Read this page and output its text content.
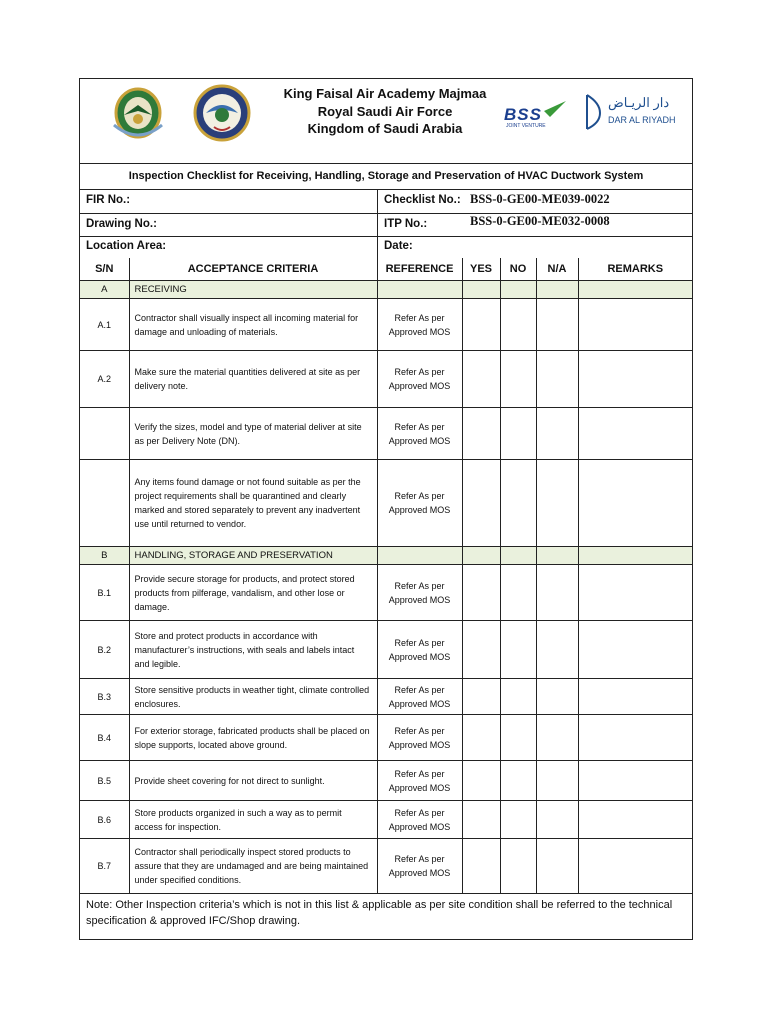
King Faisal Air Academy Majmaa
Royal Saudi Air Force
Kingdom of Saudi Arabia
BSS
JOINT VENTURE
دار الريـاض
DAR AL RIYADH
Inspection Checklist for Receiving, Handling, Storage and Preservation of HVAC Ductwork System
FIR No.:	Checklist No.: BSS-0-GE00-ME039-0022
Drawing No.:	ITP No.:	BSS-0-GE00-ME032-0008
Location Area:	Date:
S/N	ACCEPTANCE CRITERIA	REFERENCE	YES	NO	N/A	REMARKS
A	RECEIVING					
A.1	Contractor shall visually inspect all incoming material for damage and unloading of materials.	Refer As per Approved MOS				
A.2	Make sure the material quantities delivered at site as per delivery note.	Refer As per Approved MOS				
	Verify the sizes, model and type of material deliver at site as per Delivery Note (DN).	Refer As per Approved MOS				
	Any items found damage or not found suitable as per the project requirements shall be quarantined and clearly marked and stored separately to prevent any inadvertent use until returned to vendor.	Refer As per Approved MOS				
B	HANDLING, STORAGE AND PRESERVATION					
B.1	Provide secure storage for products, and protect stored products from pilferage, vandalism, and other lose or damage.	Refer As per Approved MOS				
B.2	Store and protect products in accordance with manufacturer’s instructions, with seals and labels intact and legible.	Refer As per Approved MOS				
B.3	Store sensitive products in weather tight, climate controlled enclosures.	Refer As per Approved MOS				
B.4	For exterior storage, fabricated products shall be placed on slope supports, located above ground.	Refer As per Approved MOS				
B.5	Provide sheet covering for not direct to sunlight.	Refer As per Approved MOS				
B.6	Store products organized in such a way as to permit access for inspection.	Refer As per Approved MOS				
B.7	Contractor shall periodically inspect stored products to assure that they are undamaged and are being maintained under specified conditions.	Refer As per Approved MOS				
Note: Other Inspection criteria’s which is not in this list & applicable as per site condition shall be referred to the technical specification & approved IFC/Shop drawing.
